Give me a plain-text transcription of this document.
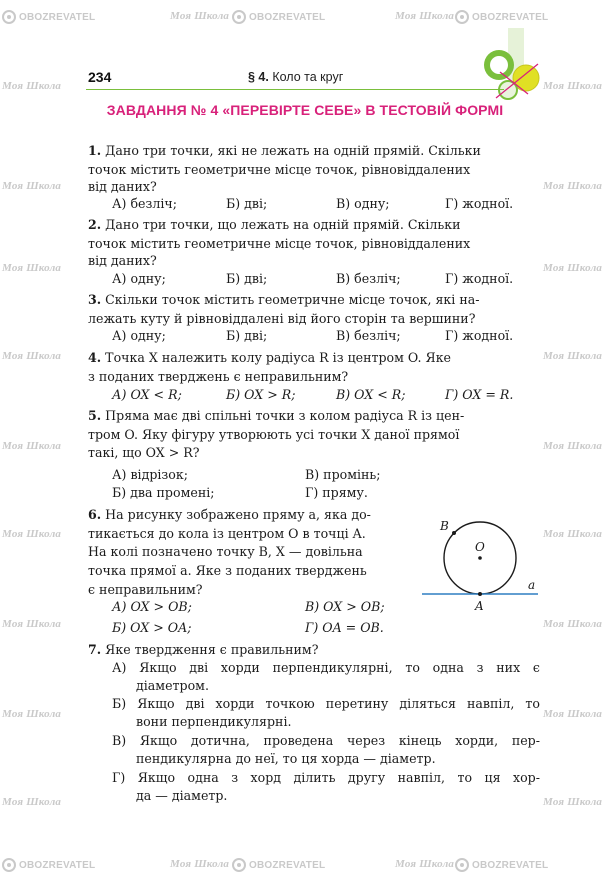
OBOZREVATEL	Моя Школа OBOZREVATEL	Моя Школа OBOZREVATEL
Моя Школа	Моя Школа
Моя Школа	Моя Школа
Моя Школа	Моя Школа
Моя Школа	Моя Школа
Моя Школа	Моя Школа
Моя Школа	Моя Школа
Моя Школа	Моя Школа
Моя Школа	Моя Школа
Моя Школа	Моя Школа
OBOZREVATEL	Моя Школа OBOZREVATEL	Моя Школа OBOZREVATEL
234	§ 4. Коло та круг
ЗАВДАННЯ № 4 «ПЕРЕВІРТЕ СЕБЕ» В ТЕСТОВІЙ ФОРМІ
1. Дано три точки, які не лежать на одній прямій. Скільки
точок містить геометричне місце точок, рівновіддалених
від даних?
А) безліч;	Б) дві;	В) одну;	Г) жодної.
2. Дано три точки, що лежать на одній прямій. Скільки
точок містить геометричне місце точок, рівновіддалених
від даних?
А) одну;	Б) дві;	В) безліч;	Г) жодної.
3. Скільки точок містить геометричне місце точок, які на-
лежать куту й рівновіддалені від його сторін та вершини?
А) одну;	Б) дві;	В) безліч;	Г) жодної.
4. Точка X належить колу радіуса R із центром O. Яке
з поданих тверджень є неправильним?
А) OX < R;	Б) OX > R;	В) OX < R;	Г) OX = R.
5. Пряма має дві спільні точки з колом радіуса R із цен-
тром O. Яку фігуру утворюють усі точки X даної прямої
такі, що OX > R?
А) відрізок;	В) промінь;
Б) два промені;	Г) пряму.
6. На рисунку зображено пряму a, яка до-
тикається до кола із центром O в точці A.
На колі позначено точку B, X — довільна
точка прямої a. Яке з поданих тверджень
є неправильним?
А) OX > OB;	В) OX > OB;
Б) OX > OA;	Г) OA = OB.
B
O
A
a
7. Яке твердження є правильним?
А) Якщо дві хорди перпендикулярні, то одна з них є
діаметром.
Б) Якщо дві хорди точкою перетину діляться навпіл, то
вони перпендикулярні.
В) Якщо дотична, проведена через кінець хорди, пер-
пендикулярна до неї, то ця хорда — діаметр.
Г) Якщо одна з хорд ділить другу навпіл, то ця хор-
да — діаметр.
